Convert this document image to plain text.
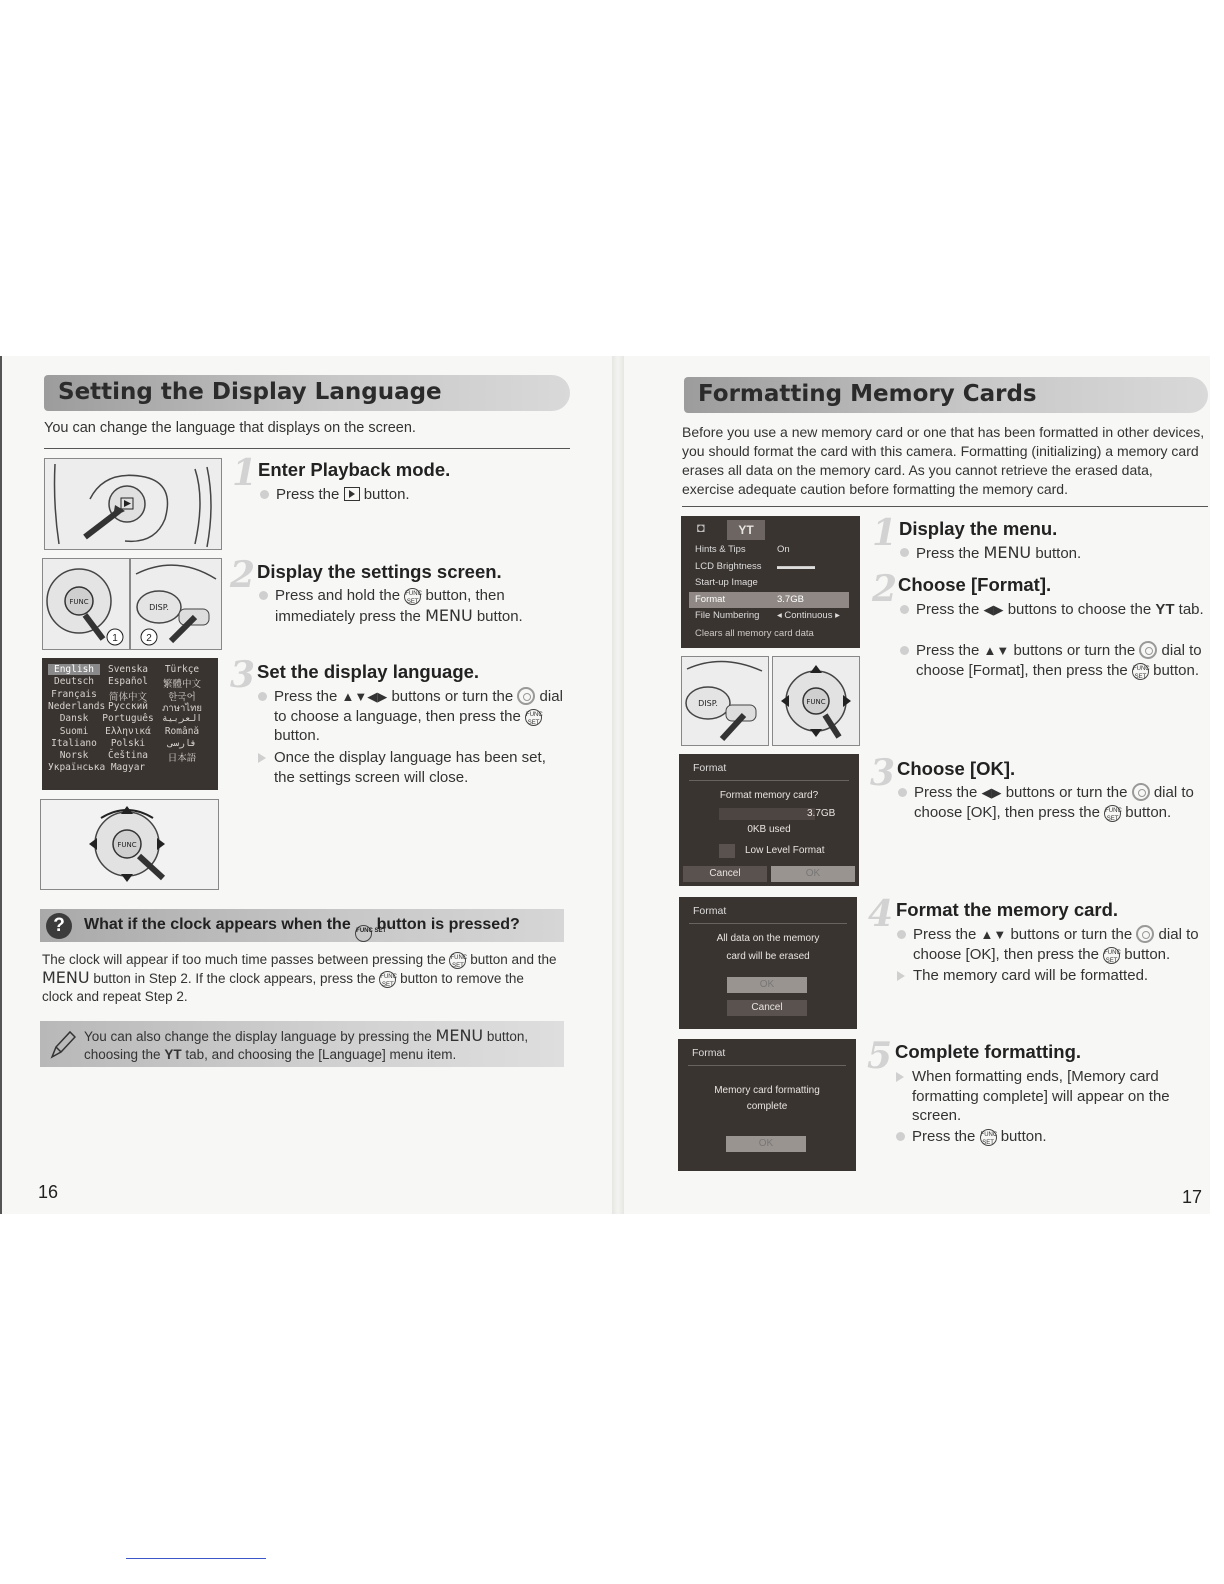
Setting the Display Language
You can change the language that displays on the screen.
1 Enter Playback mode.
Press the button.
FUNC
1
DISP.
2
2 Display the settings screen.
Press and hold the FUNC SET button, then immediately press the MENU button.
English	Svenska	Türkçe
Deutsch	Español	繁體中文
Français	简体中文	한국어
Nederlands Русский	ภาษาไทย
Dansk	Português العربية
Suomi	Ελληνικά	Română
Italiano	Polski	فارسی
Norsk	Čeština	日本語
Українська Magyar
FUNC
3 Set the display language.
Press the ▲▼◀▶ buttons or turn the dial to choose a language, then press the FUNC SET button.
Once the display language has been set, the settings screen will close.
?	What if the clock appears when the FUNC SET button is pressed?
The clock will appear if too much time passes between pressing the FUNC SET button and the MENU button in Step 2. If the clock appears, press the FUNC SET button to remove the clock and repeat Step 2.
You can also change the display language by pressing the MENU button, choosing the ΥΤ tab, and choosing the [Language] menu item.
16
Formatting Memory Cards
Before you use a new memory card or one that has been formatted in other devices, you should format the card with this camera. Formatting (initializing) a memory card erases all data on the memory card. As you cannot retrieve the erased data, exercise adequate caution before formatting the memory card.
◘	ΥΤ
Hints & Tips	On
LCD Brightness ▬▬▬▬
Start-up Image
Format	3.7GB
File Numbering ◂ Continuous ▸
Clears all memory card data
DISP.	FUNC
1 Display the menu.
Press the MENU button.
2 Choose [Format].
Press the ◀▶ buttons to choose the ΥΤ tab.
Press the ▲▼ buttons or turn the dial to choose [Format], then press the FUNC SET button.
Format
Format memory card?
3.7GB
0KB used
Low Level Format
Cancel	OK
3 Choose [OK].
Press the ◀▶ buttons or turn the dial to choose [OK], then press the FUNC SET button.
Format
All data on the memory
card will be erased
OK
Cancel
4 Format the memory card.
Press the ▲▼ buttons or turn the dial to choose [OK], then press the FUNC SET button.
The memory card will be formatted.
Format
Memory card formatting
complete
OK
5 Complete formatting.
When formatting ends, [Memory card formatting complete] will appear on the screen.
Press the FUNC SET button.
17
